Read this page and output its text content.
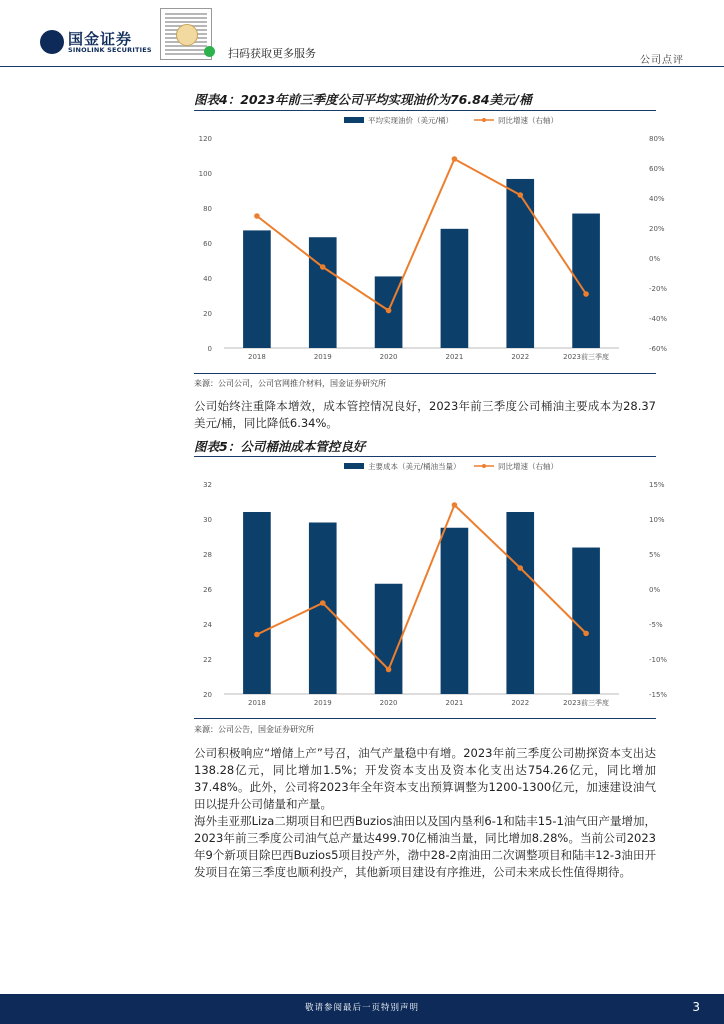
国金证券
SINOLINK SECURITIES	扫码获取更多服务
公司点评
图表4：2023年前三季度公司平均实现油价为76.84美元/桶
平均实现油价（美元/桶）	同比增速（右轴）
0
20
40
60
80
100
120
-60%
-40%
-20%
0%
20%
40%
60%
80%
2018	2019	2020	2021	2022	2023前三季度
来源：公司公司，公司官网推介材料，国金证券研究所

公司始终注重降本增效，成本管控情况良好，2023年前三季度公司桶油主要成本为28.37美元/桶，同比降低6.34%。

图表5：公司桶油成本管控良好
主要成本（美元/桶油当量）	同比增速（右轴）
20
22
24
26
28
30
32
-15%
-10%
-5%
0%
5%
10%
15%
2018	2019	2020	2021	2022	2023前三季度
来源：公司公告，国金证券研究所

公司积极响应“增储上产”号召，油气产量稳中有增。2023年前三季度公司勘探资本支出达138.28亿元，同比增加1.5%；开发资本支出及资本化支出达754.26亿元，同比增加37.48%。此外，公司将2023年全年资本支出预算调整为1200-1300亿元，加速建设油气田以提升公司储量和产量。

海外圭亚那Liza二期项目和巴西Buzios油田以及国内垦利6-1和陆丰15-1油气田产量增加，2023年前三季度公司油气总产量达499.70亿桶油当量，同比增加8.28%。当前公司2023年9个新项目除巴西Buzios5项目投产外，渤中28-2南油田二次调整项目和陆丰12-3油田开发项目在第三季度也顺利投产，其他新项目建设有序推进，公司未来成长性值得期待。

敬请参阅最后一页特别声明	3
